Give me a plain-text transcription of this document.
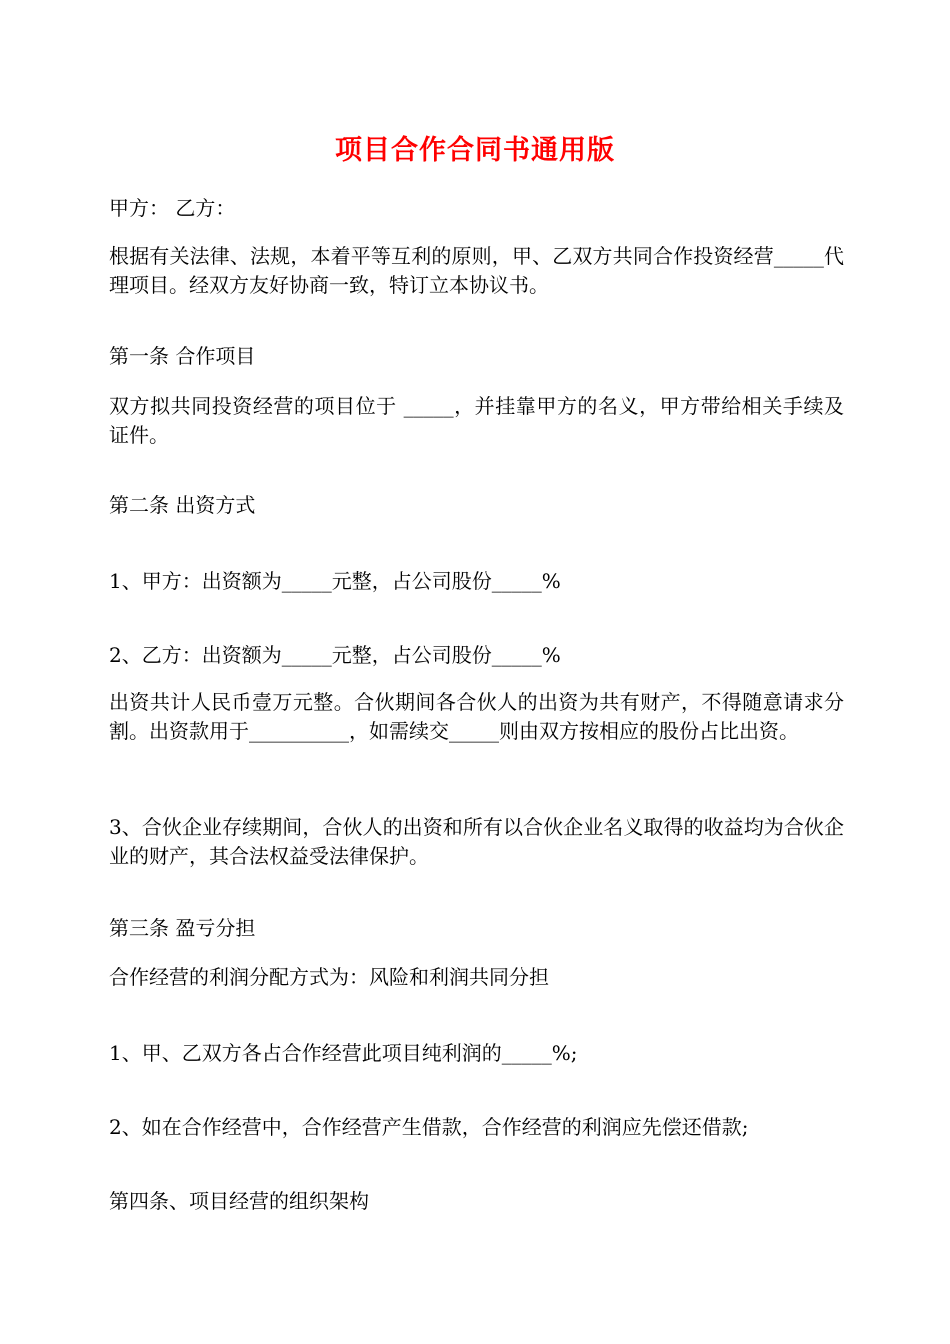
项目合作合同书通用版
甲方： 乙方：
根据有关法律、法规，本着平等互利的原则，甲、乙双方共同合作投资经营_____代理项目。经双方友好协商一致，特订立本协议书。
第一条 合作项目
双方拟共同投资经营的项目位于 _____，并挂靠甲方的名义，甲方带给相关手续及证件。
第二条 出资方式
1、甲方：出资额为_____元整，占公司股份_____%
2、乙方：出资额为_____元整，占公司股份_____%
出资共计人民币壹万元整。合伙期间各合伙人的出资为共有财产，不得随意请求分割。出资款用于__________，如需续交_____则由双方按相应的股份占比出资。
3、合伙企业存续期间，合伙人的出资和所有以合伙企业名义取得的收益均为合伙企业的财产，其合法权益受法律保护。
第三条 盈亏分担
合作经营的利润分配方式为：风险和利润共同分担
1、甲、乙双方各占合作经营此项目纯利润的_____%;
2、如在合作经营中，合作经营产生借款，合作经营的利润应先偿还借款;
第四条、项目经营的组织架构
